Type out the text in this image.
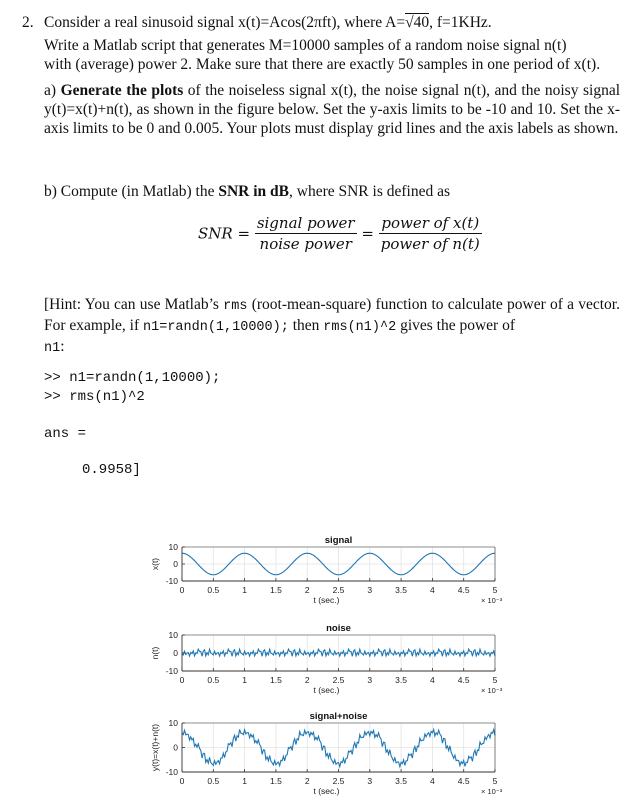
2. Consider a real sinusoid signal x(t)=Acos(2πft), where A=√40, f=1KHz.
Write a Matlab script that generates M=10000 samples of a random noise signal n(t)
with (average) power 2. Make sure that there are exactly 50 samples in one period of x(t).
a) Generate the plots of the noiseless signal x(t), the noise signal n(t), and the noisy signal y(t)=x(t)+n(t), as shown in the figure below. Set the y-axis limits to be -10 and 10. Set the x-axis limits to be 0 and 0.005. Your plots must display grid lines and the axis labels as shown.
b) Compute (in Matlab) the SNR in dB, where SNR is defined as
SNR = $\frac{\text{signal power}}{\text{noise power}} = \frac{\text{power of x(t)}}{\text{power of n(t)}}$
[Hint: You can use Matlab’s rms (root-mean-square) function to calculate power of a vector. For example, if n1=randn(1,10000); then rms(n1)^2 gives the power of
n1:
>> n1=randn(1,10000);
>> rms(n1)^2
ans =
0.9958]
signal
-10
0
10
0	0.5	1	1.5	2	2.5	3	3.5	4	4.5	5
t (sec.)	× 10⁻³
x(t)
noise
-10
0
10
0	0.5	1	1.5	2	2.5	3	3.5	4	4.5	5
t (sec.)	× 10⁻³
n(t)
signal+noise
-10
0
10
0	0.5	1	1.5	2	2.5	3	3.5	4	4.5	5
t (sec.)	× 10⁻³
y(t)=x(t)+n(t)
